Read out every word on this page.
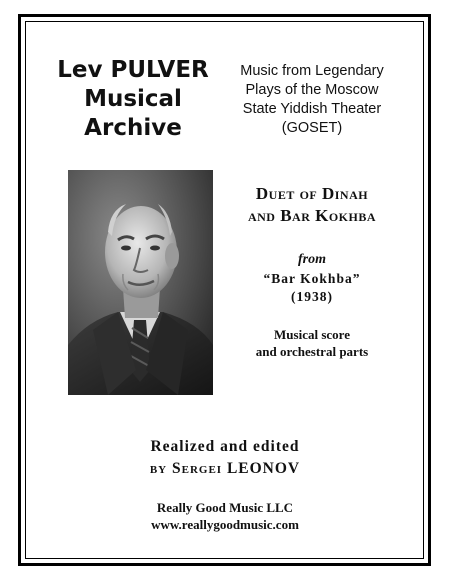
Lev PULVER
Musical
Archive
Music from Legendary
Plays of the Moscow
State Yiddish Theater
(GOSET)
Duet of Dinah
and Bar Kokhba
from
“Bar Kokhba”
(1938)
Musical score
and orchestral parts
Realized and edited
by Sergei LEONOV
Really Good Music LLC
www.reallygoodmusic.com
